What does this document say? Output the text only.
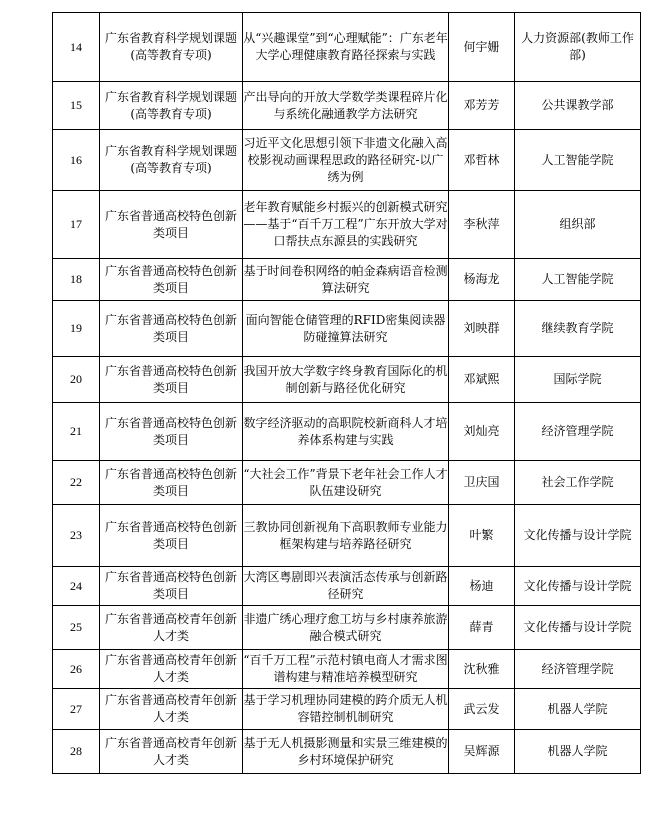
14	广东省教育科学规划课题(高等教育专项)	从“兴趣课堂”到“心理赋能”：广东老年大学心理健康教育路径探索与实践	何宇姗	人力资源部(教师工作部)
15	广东省教育科学规划课题(高等教育专项)	产出导向的开放大学数学类课程碎片化与系统化融通教学方法研究	邓芳芳	公共课教学部
16	广东省教育科学规划课题(高等教育专项)	习近平文化思想引领下非遗文化融入高校影视动画课程思政的路径研究-以广绣为例	邓哲林	人工智能学院
17	广东省普通高校特色创新类项目	老年教育赋能乡村振兴的创新模式研究——基于“百千万工程”广东开放大学对口帮扶点东源县的实践研究	李秋萍	组织部
18	广东省普通高校特色创新类项目	基于时间卷积网络的帕金森病语音检测算法研究	杨海龙	人工智能学院
19	广东省普通高校特色创新类项目	面向智能仓储管理的RFID密集阅读器防碰撞算法研究	刘映群	继续教育学院
20	广东省普通高校特色创新类项目	我国开放大学数字终身教育国际化的机制创新与路径优化研究	邓斌熙	国际学院
21	广东省普通高校特色创新类项目	数字经济驱动的高职院校新商科人才培养体系构建与实践	刘灿亮	经济管理学院
22	广东省普通高校特色创新类项目	“大社会工作”背景下老年社会工作人才队伍建设研究	卫庆国	社会工作学院
23	广东省普通高校特色创新类项目	三教协同创新视角下高职教师专业能力框架构建与培养路径研究	叶繁	文化传播与设计学院
24	广东省普通高校特色创新类项目	大湾区粤剧即兴表演活态传承与创新路径研究	杨迪	文化传播与设计学院
25	广东省普通高校青年创新人才类	非遗广绣心理疗愈工坊与乡村康养旅游融合模式研究	薛青	文化传播与设计学院
26	广东省普通高校青年创新人才类	“百千万工程”示范村镇电商人才需求图谱构建与精准培养模型研究	沈秋雅	经济管理学院
27	广东省普通高校青年创新人才类	基于学习机理协同建模的跨介质无人机容错控制机制研究	武云发	机器人学院
28	广东省普通高校青年创新人才类	基于无人机摄影测量和实景三维建模的乡村环境保护研究	吴辉源	机器人学院
